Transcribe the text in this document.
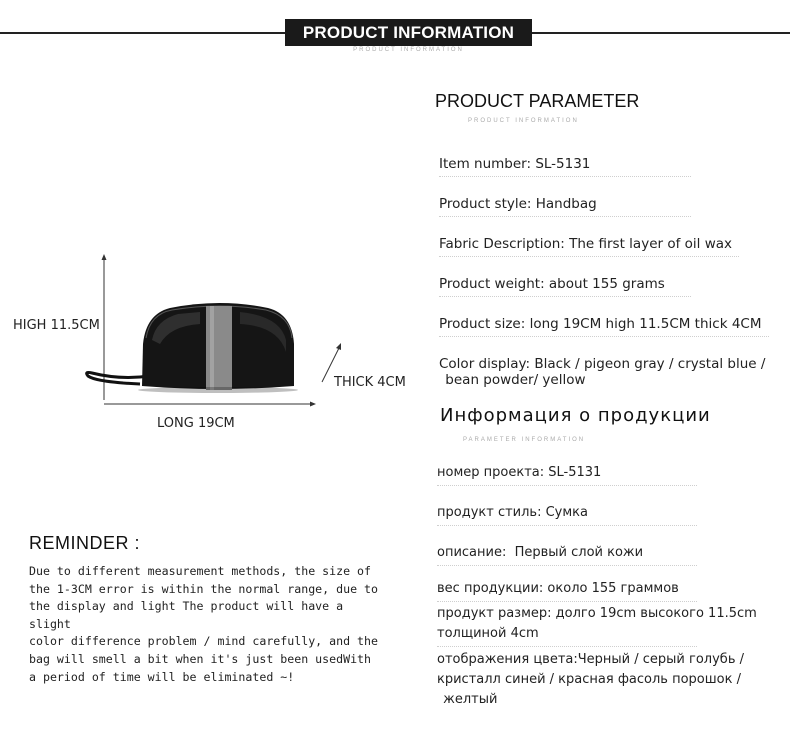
PRODUCT INFORMATION
PRODUCT INFORMATION
HIGH 11.5CM
THICK 4CM
LONG 19CM
PRODUCT PARAMETER
PRODUCT INFORMATION
Item number: SL-5131
Product style: Handbag
Fabric Description: The first layer of oil wax
Product weight: about 155 grams
Product size: long 19CM high 11.5CM thick 4CM
Color display: Black / pigeon gray / crystal blue /
bean powder/ yellow
Информация о продукции
PARAMETER INFORMATION
номер проекта: SL-5131
продукт стиль: Сумка
описание:  Первый слой кожи
вес продукции: около 155 граммов
продукт размер: долго 19cm высокого 11.5cm
толщиной 4cm
отображения цвета:Черный / серый голубь /
кристалл синей / красная фасоль порошок /
желтый
REMINDER :
Due to different measurement methods, the size of
the 1-3CM error is within the normal range, due to
the display and light The product will have a slight
color difference problem / mind carefully, and the
bag will smell a bit when it's just been usedWith
a period of time will be eliminated ~!
